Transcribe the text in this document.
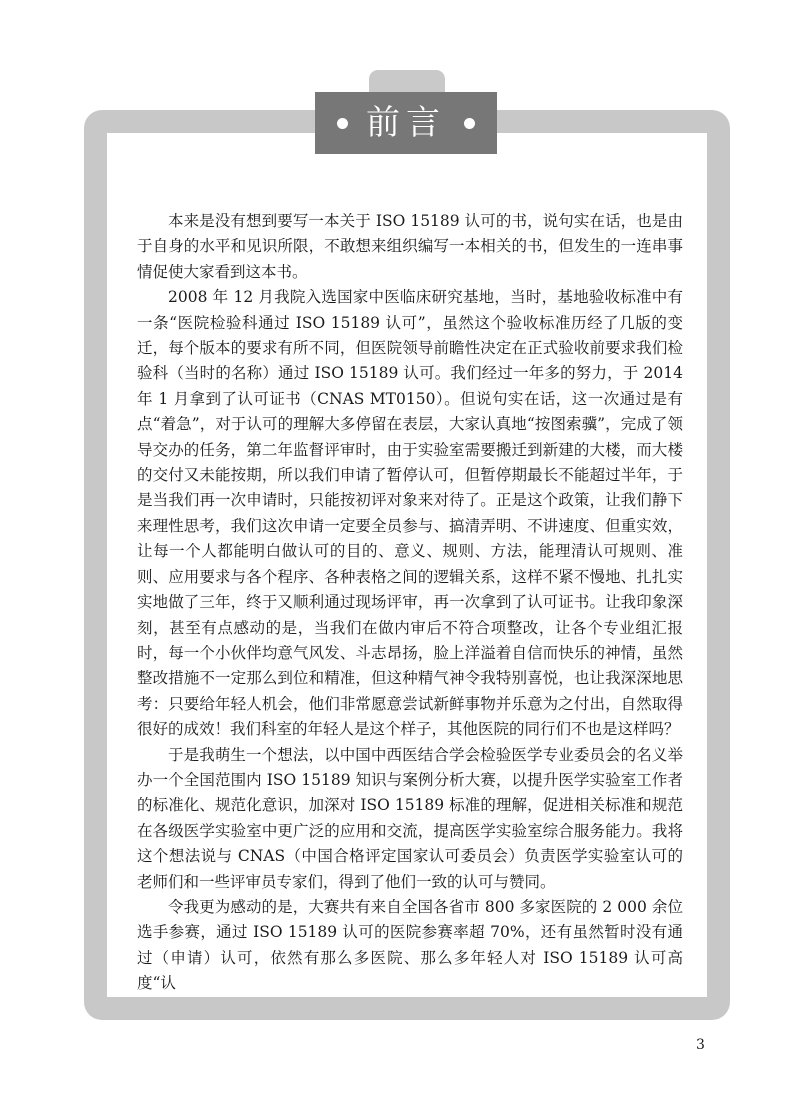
前言

本来是没有想到要写一本关于 ISO 15189 认可的书，说句实在话，也是由于自身的水平和见识所限，不敢想来组织编写一本相关的书，但发生的一连串事情促使大家看到这本书。

2008 年 12 月我院入选国家中医临床研究基地，当时，基地验收标准中有一条“医院检验科通过 ISO 15189 认可”，虽然这个验收标准历经了几版的变迁，每个版本的要求有所不同，但医院领导前瞻性决定在正式验收前要求我们检验科（当时的名称）通过 ISO 15189 认可。我们经过一年多的努力，于 2014 年 1 月拿到了认可证书（CNAS MT0150）。但说句实在话，这一次通过是有点“着急”，对于认可的理解大多停留在表层，大家认真地“按图索骥”，完成了领导交办的任务，第二年监督评审时，由于实验室需要搬迁到新建的大楼，而大楼的交付又未能按期，所以我们申请了暂停认可，但暂停期最长不能超过半年，于是当我们再一次申请时，只能按初评对象来对待了。正是这个政策，让我们静下来理性思考，我们这次申请一定要全员参与、搞清弄明、不讲速度、但重实效，让每一个人都能明白做认可的目的、意义、规则、方法，能理清认可规则、准则、应用要求与各个程序、各种表格之间的逻辑关系，这样不紧不慢地、扎扎实实地做了三年，终于又顺利通过现场评审，再一次拿到了认可证书。让我印象深刻，甚至有点感动的是，当我们在做内审后不符合项整改，让各个专业组汇报时，每一个小伙伴均意气风发、斗志昂扬，脸上洋溢着自信而快乐的神情，虽然整改措施不一定那么到位和精准，但这种精气神令我特别喜悦，也让我深深地思考：只要给年轻人机会，他们非常愿意尝试新鲜事物并乐意为之付出，自然取得很好的成效！我们科室的年轻人是这个样子，其他医院的同行们不也是这样吗？

于是我萌生一个想法，以中国中西医结合学会检验医学专业委员会的名义举办一个全国范围内 ISO 15189 知识与案例分析大赛，以提升医学实验室工作者的标准化、规范化意识，加深对 ISO 15189 标准的理解，促进相关标准和规范在各级医学实验室中更广泛的应用和交流，提高医学实验室综合服务能力。我将这个想法说与 CNAS（中国合格评定国家认可委员会）负责医学实验室认可的老师们和一些评审员专家们，得到了他们一致的认可与赞同。

令我更为感动的是，大赛共有来自全国各省市 800 多家医院的 2 000 余位选手参赛，通过 ISO 15189 认可的医院参赛率超 70%，还有虽然暂时没有通过（申请）认可，依然有那么多医院、那么多年轻人对 ISO 15189 认可高度“认

3
